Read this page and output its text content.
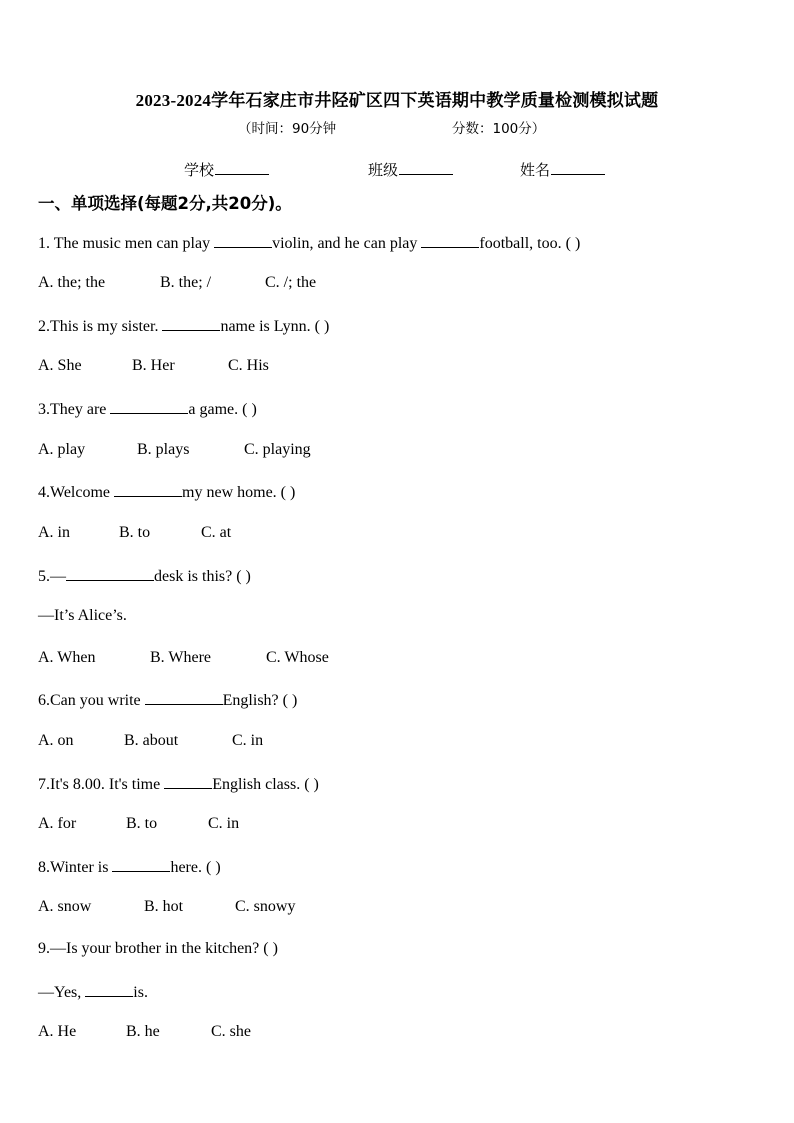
2023-2024学年石家庄市井陉矿区四下英语期中教学质量检测模拟试题
（时间：90分钟	分数：100分）
学校	班级	姓名
一、单项选择(每题2分,共20分)。
1. The music men can play	violin, and he can play	football, too. ( )
A. the; the	B. the; /	C. /; the
2.This is my sister.	name is Lynn. ( )
A. She	B. Her	C. His
3.They are	a game. ( )
A. play	B. plays	C. playing
4.Welcome	my new home. ( )
A. in	B. to	C. at
5.—	desk is this? ( )
—It’s Alice’s.
A. When	B. Where	C. Whose
6.Can you write	English? ( )
A. on	B. about	C. in
7.It's 8.00. It's time	English class. ( )
A. for	B. to	C. in
8.Winter is	here. ( )
A. snow	B. hot	C. snowy
9.—Is your brother in the kitchen? ( )
—Yes,	is.
A. He	B. he	C. she
